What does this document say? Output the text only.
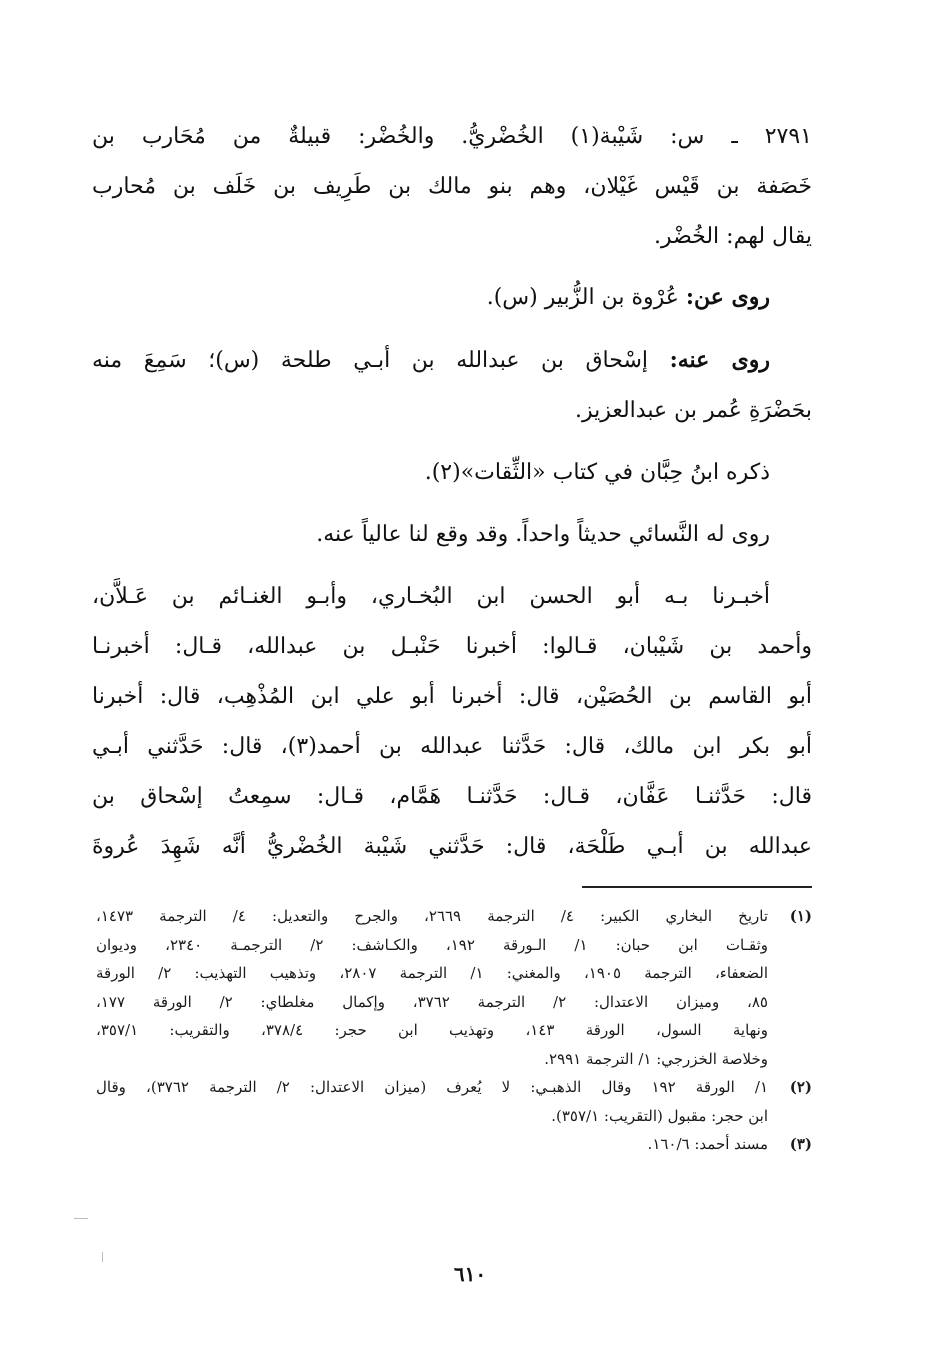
٢٧٩١ ـ س: شَيْبة(١) الخُضْريُّ. والخُضْر: قبيلةٌ من مُحَارب بن
خَصَفة بن قَيْس غَيْلان، وهم بنو مالك بن طَرِيف بن خَلَف بن مُحارب
يقال لهم: الخُضْر.
روى عن: عُرْوة بن الزُّبير (س).
روى عنه: إسْحاق بن عبدالله بن أبـي طلحة (س)؛ سَمِعَ منه
بحَضْرَةِ عُمر بن عبدالعزيز.
ذكره ابنُ حِبَّان في كتاب «الثِّقات»(٢).
روى له النَّسائي حديثاً واحداً. وقد وقع لنا عالياً عنه.
أخبـرنا بـه أبو الحسن ابن البُخـاري، وأبـو الغنـائم بن عَـلاَّن،
وأحمد بن شَيْبان، قـالوا: أخبرنا حَنْبـل بن عبدالله، قـال: أخبرنـا
أبو القاسم بن الحُصَيْن، قال: أخبرنا أبو علي ابن المُذْهِب، قال: أخبرنا
أبو بكر ابن مالك، قال: حَدَّثنا عبدالله بن أحمد(٣)، قال: حَدَّثني أبـي
قال: حَدَّثنـا عَفَّان، قـال: حَدَّثنـا هَمَّام، قـال: سمِعتُ إسْحاق بن
عبدالله بن أبـي طَلْحَة، قال: حَدَّثني شَيْبة الخُضْريُّ أنَّه شَهِدَ عُروةَ
(١)
تاريخ البخاري الكبير: ٤/ الترجمة ٢٦٦٩، والجرح والتعديل: ٤/ الترجمة ١٤٧٣،
وثقـات ابن حبان: ١/ الـورقة ١٩٢، والكـاشف: ٢/ الترجمـة ٢٣٤٠، وديوان
الضعفاء، الترجمة ١٩٠٥، والمغني: ١/ الترجمة ٢٨٠٧، وتذهيب التهذيب: ٢/ الورقة
٨٥، وميزان الاعتدال: ٢/ الترجمة ٣٧٦٢، وإكمال مغلطاي: ٢/ الورقة ١٧٧،
ونهاية السول، الورقة ١٤٣، وتهذيب ابن حجر: ٣٧٨/٤، والتقريب: ٣٥٧/١،
وخلاصة الخزرجي: ١/ الترجمة ٢٩٩١.
(٢)
١/ الورقة ١٩٢ وقال الذهبـي: لا يُعرف (ميزان الاعتدال: ٢/ الترجمة ٣٧٦٢)، وقال
ابن حجر: مقبول (التقريب: ٣٥٧/١).
(٣)
مسند أحمد: ١٦٠/٦.
٦١٠
